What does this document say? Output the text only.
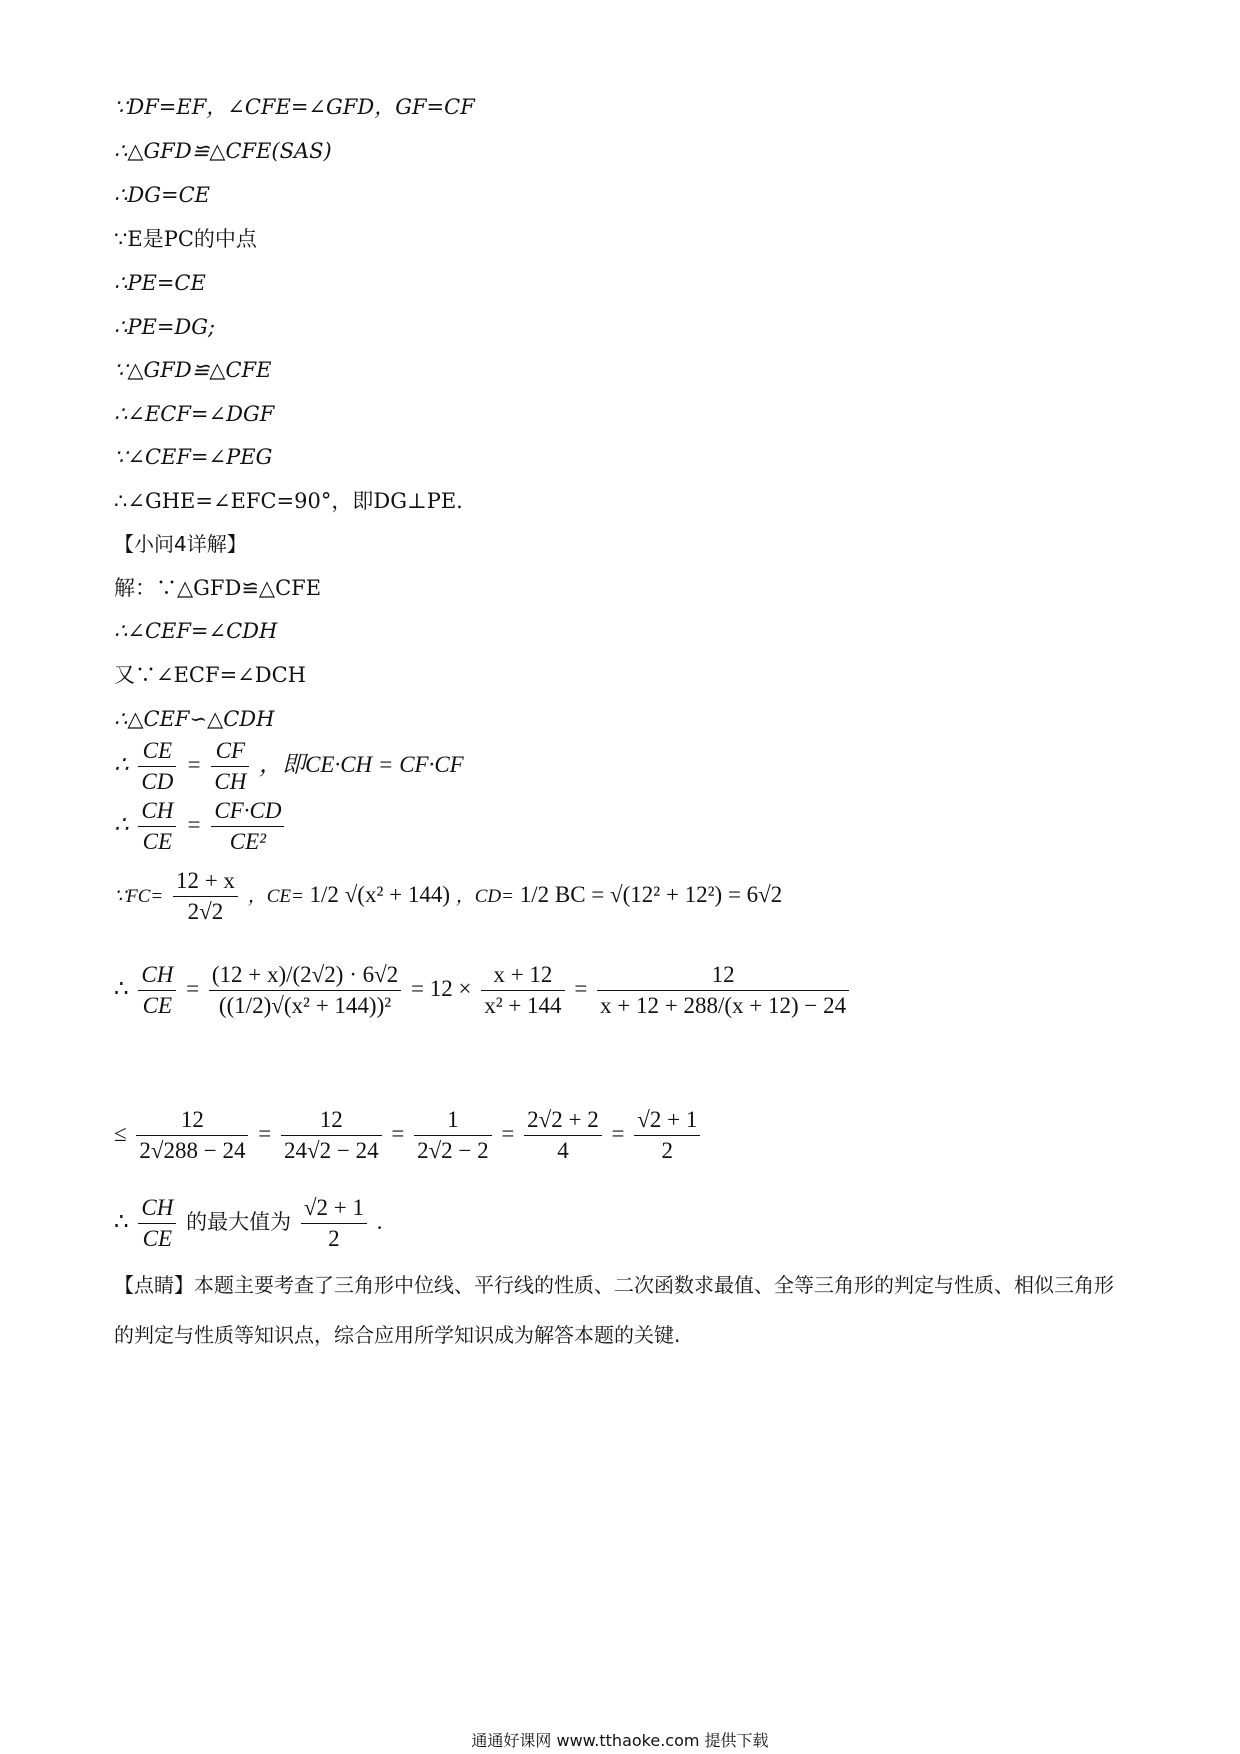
∵DF=EF，∠CFE=∠GFD，GF=CF
∴△GFD≌△CFE(SAS)
∴DG=CE
∵E是PC的中点
∴PE=CE
∴PE=DG;
∵△GFD≌△CFE
∴∠ECF=∠DGF
∵∠CEF=∠PEG
∴∠GHE=∠EFC=90°，即DG⊥PE.
【小问4详解】
解：∵△GFD≌△CFE
∴∠CEF=∠CDH
又∵∠ECF=∠DCH
∴△CEF∽△CDH
∴ $\frac{CE}{CD} = \frac{CF}{CH}$ ，即CE·CH = CF·CF
∴ $\frac{CH}{CE} = \frac{CF\cdot CD}{\text{CE²}}$
∵FC= $\frac{12 + x}{2√2}$ ，CE= 1/2 √(x² + 144) ，CD= 1/2 BC = √(12² + 12²) = 6√2
∴ $\frac{CH}{CE} = \frac{(12 + x)/(2√2) \cdot 6√2}{\text{((1/2)√(x² + 144))²}} = 12 \times \frac{x + 12}{\text{x² + 144}} = \frac{12}{x + 12 + 288/(x + 12) - 24}$
≤ $\frac{12}{2√288 - 24} = \frac{12}{24√2 - 24} = \frac{1}{2√2 - 2} = \frac{2√2 + 2}{4} = \frac{√2 + 1}{2}$
∴ $\frac{CH}{CE}$ 的最大值为 $\frac{√2 + 1}{2}$ .
【点睛】本题主要考查了三角形中位线、平行线的性质、二次函数求最值、全等三角形的判定与性质、相似三角形的判定与性质等知识点，综合应用所学知识成为解答本题的关键.
通通好课网 www.tthaoke.com 提供下载
